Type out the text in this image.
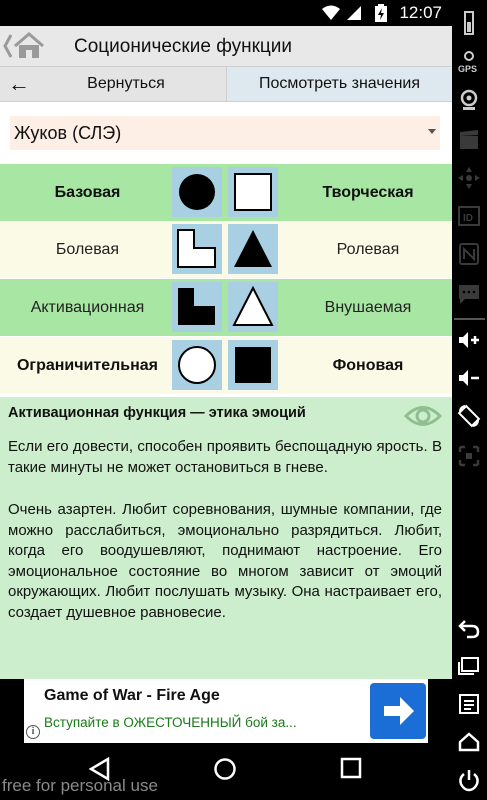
12:07
Соционические функции
←	Вернуться	Посмотреть значения
Жуков (СЛЭ)
Базовая	Творческая
Болевая	Ролевая
Активационная	Внушаемая
Ограничительная	Фоновая
Активационная функция — этика эмоций

Если его довести, способен проявить беспощадную ярость. В такие минуты не может остановиться в гневе.

Очень азартен. Любит соревнования, шумные компании, где можно расслабиться, эмоционально разрядиться. Любит, когда его воодушевляют, поднимают настроение. Его эмоциональное состояние во многом зависит от эмоций окружающих. Любит послушать музыку. Она настраивает его, создает душевное равновесие.

Game of War - Fire Age
Вступайте в ОЖЕСТОЧЕННЫЙ бой за...
i
free for personal use
GPS
ID
